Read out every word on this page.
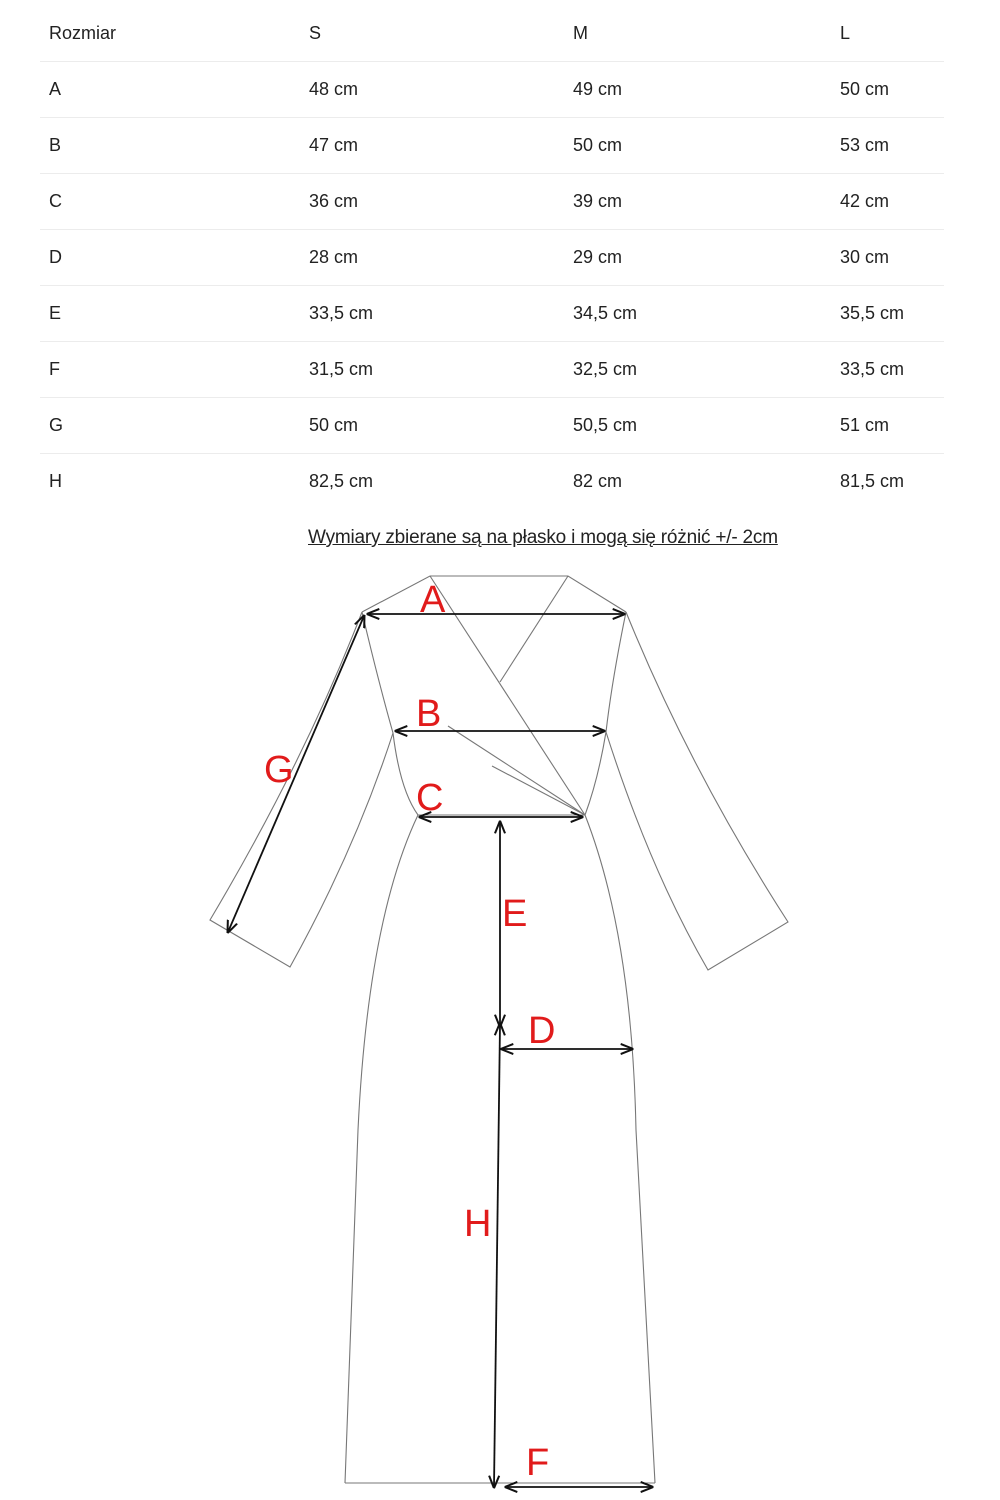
Rozmiar	S	M	L
A	48 cm	49 cm	50 cm
B	47 cm	50 cm	53 cm
C	36 cm	39 cm	42 cm
D	28 cm	29 cm	30 cm
E	33,5 cm	34,5 cm	35,5 cm
F	31,5 cm	32,5 cm	33,5 cm
G	50 cm	50,5 cm	51 cm
H	82,5 cm	82 cm	81,5 cm
Wymiary zbierane są na płasko i mogą się różnić +/- 2cm
A
B
C
D
E
F
G
H
